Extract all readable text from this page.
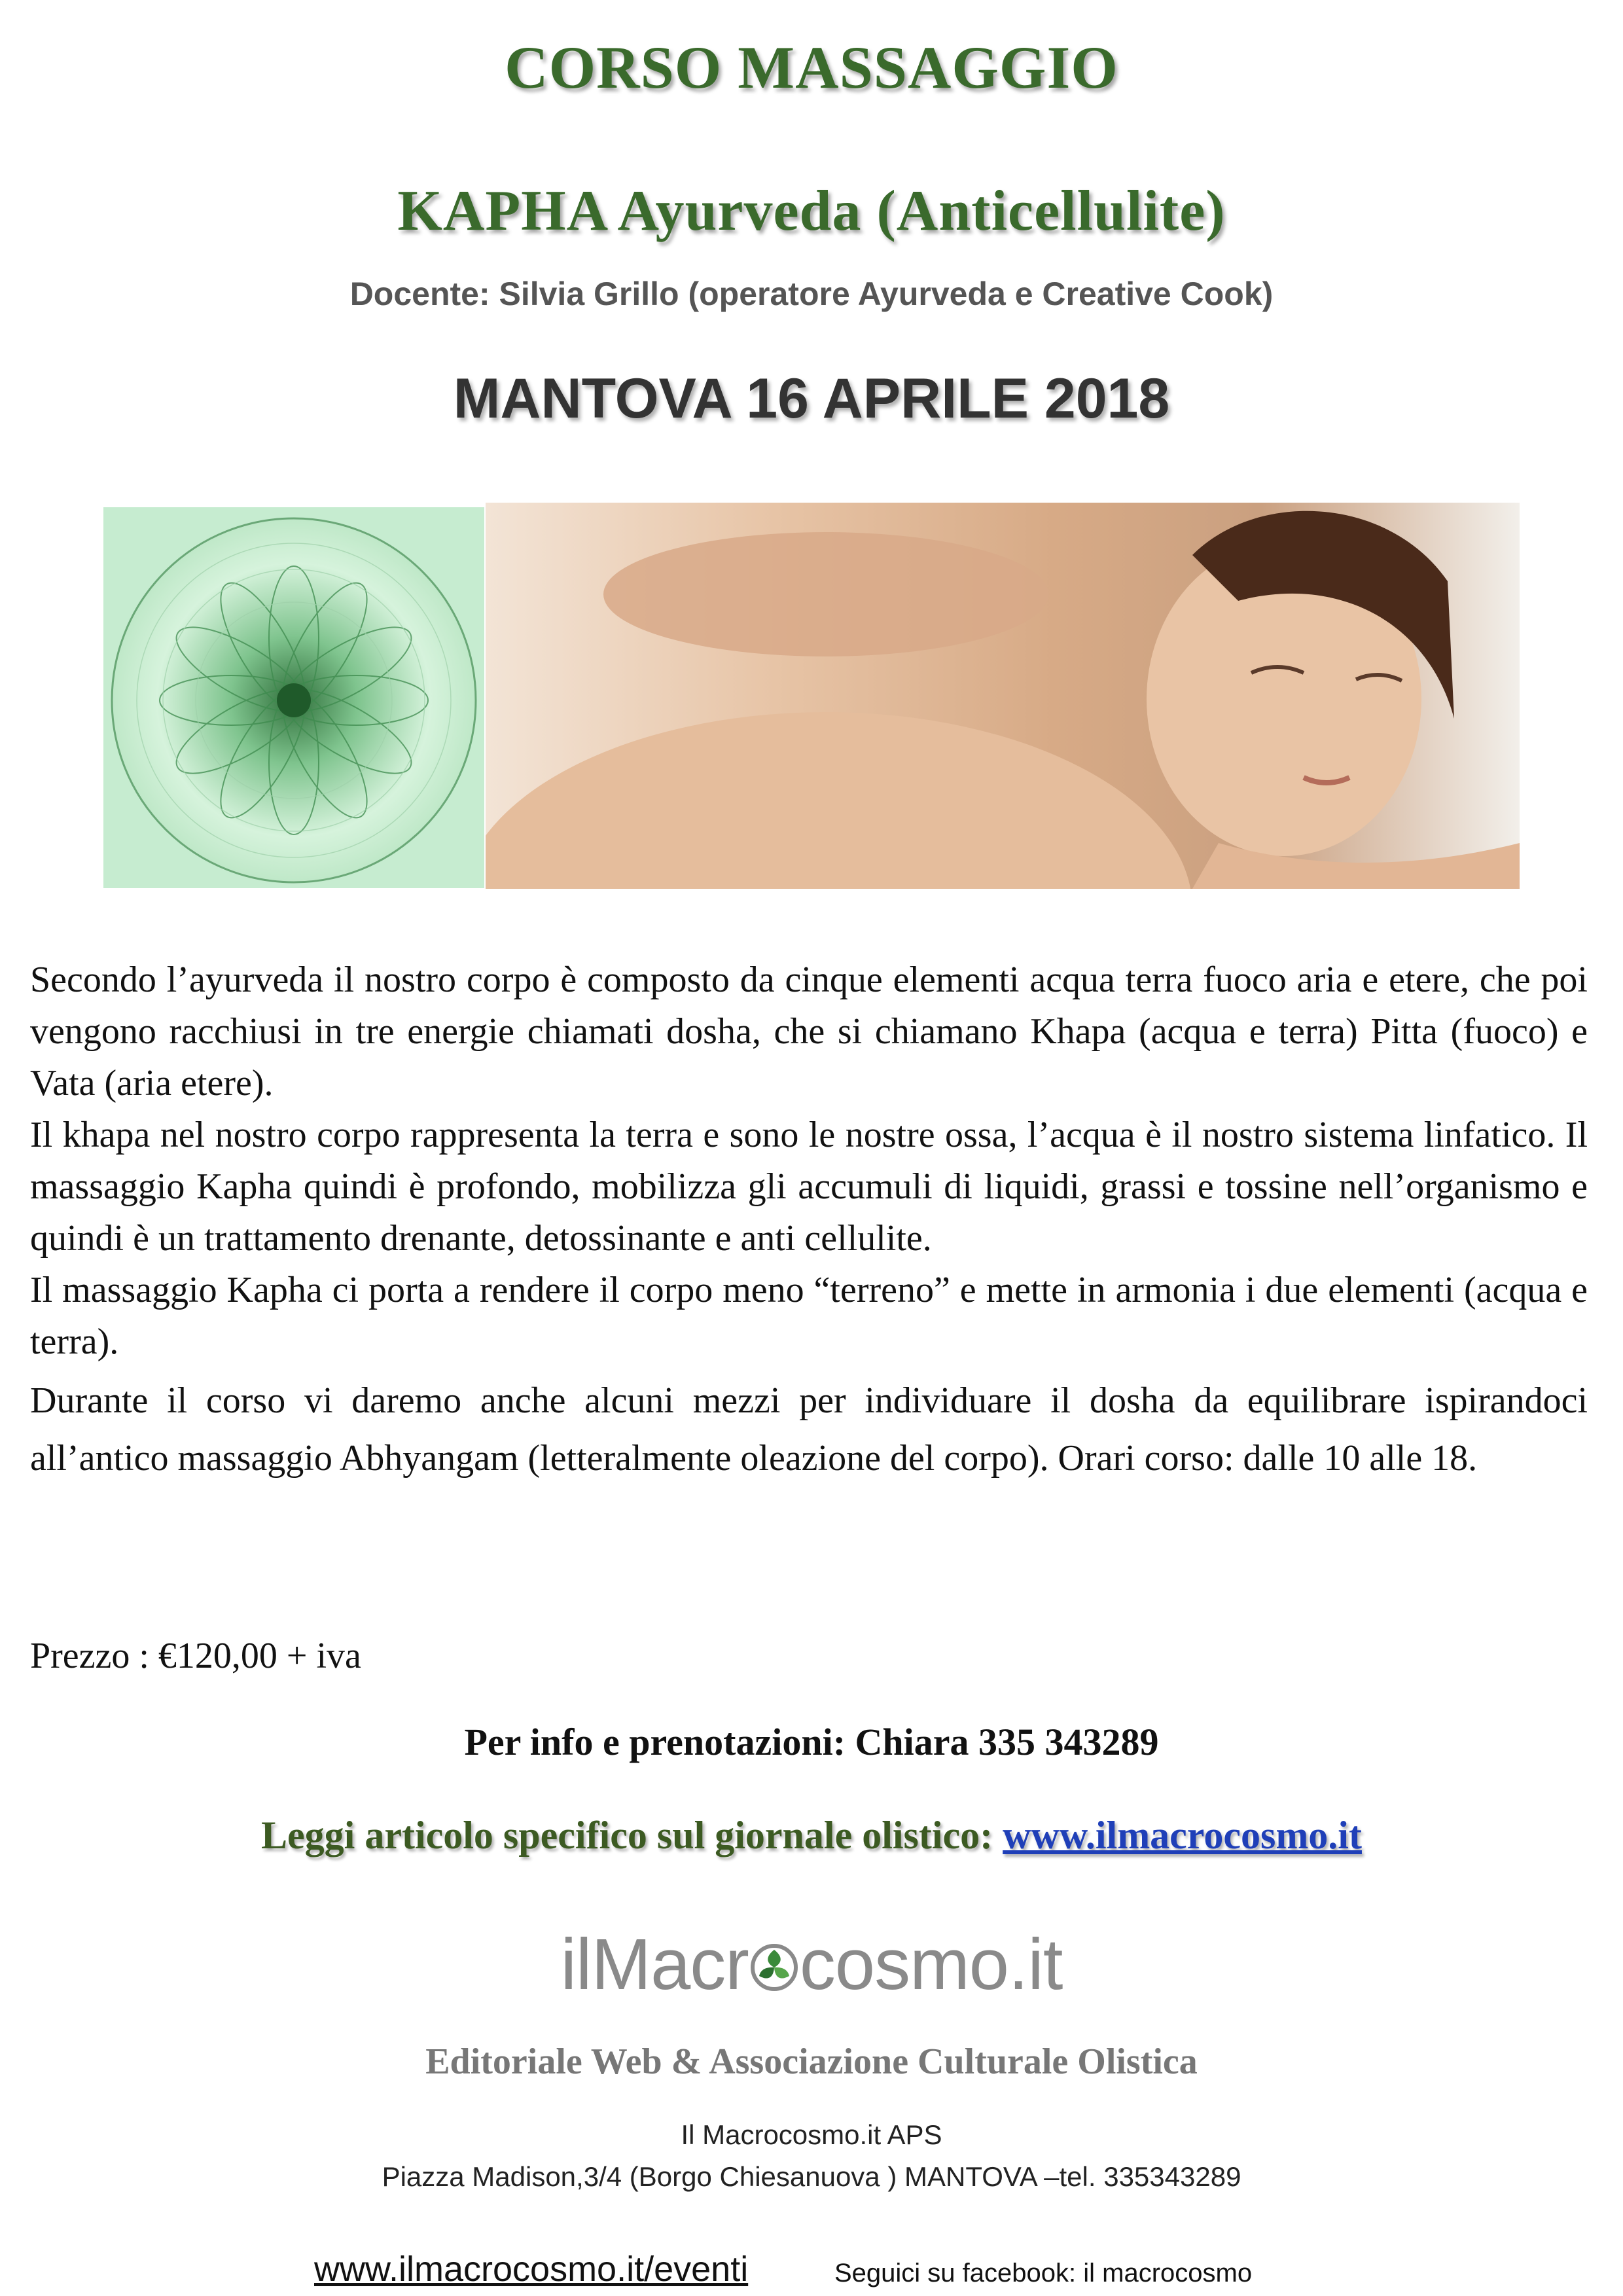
CORSO MASSAGGIO
KAPHA Ayurveda (Anticellulite)
Docente: Silvia Grillo (operatore Ayurveda e Creative Cook)
MANTOVA 16 APRILE 2018

Secondo l’ayurveda il nostro corpo è composto da cinque elementi acqua terra fuoco aria e etere, che poi vengono racchiusi in tre energie chiamati dosha, che si chiamano Khapa (acqua e terra) Pitta (fuoco) e Vata (aria etere).

Il khapa nel nostro corpo rappresenta la terra e sono le nostre ossa, l’acqua è il nostro sistema linfatico. Il massaggio Kapha quindi è profondo, mobilizza gli accumuli di liquidi, grassi e tossine nell’organismo e quindi è un trattamento drenante, detossinante e anti cellulite.

Il massaggio Kapha ci porta a rendere il corpo meno “terreno” e mette in armonia i due elementi (acqua e terra).

Durante il corso vi daremo anche alcuni mezzi per individuare il dosha da equilibrare ispirandoci all’antico massaggio Abhyangam (letteralmente oleazione del corpo). Orari corso: dalle 10 alle 18.

Prezzo : €120,00 + iva
Per info e prenotazioni: Chiara 335 343289
Leggi articolo specifico sul giornale olistico: www.ilmacrocosmo.it
ilMacr cosmo.it
Editoriale Web & Associazione Culturale Olistica
Il Macrocosmo.it APS
Piazza Madison,3/4 (Borgo Chiesanuova ) MANTOVA –tel. 335343289
www.ilmacrocosmo.it/eventi	Seguici su facebook: il macrocosmo
